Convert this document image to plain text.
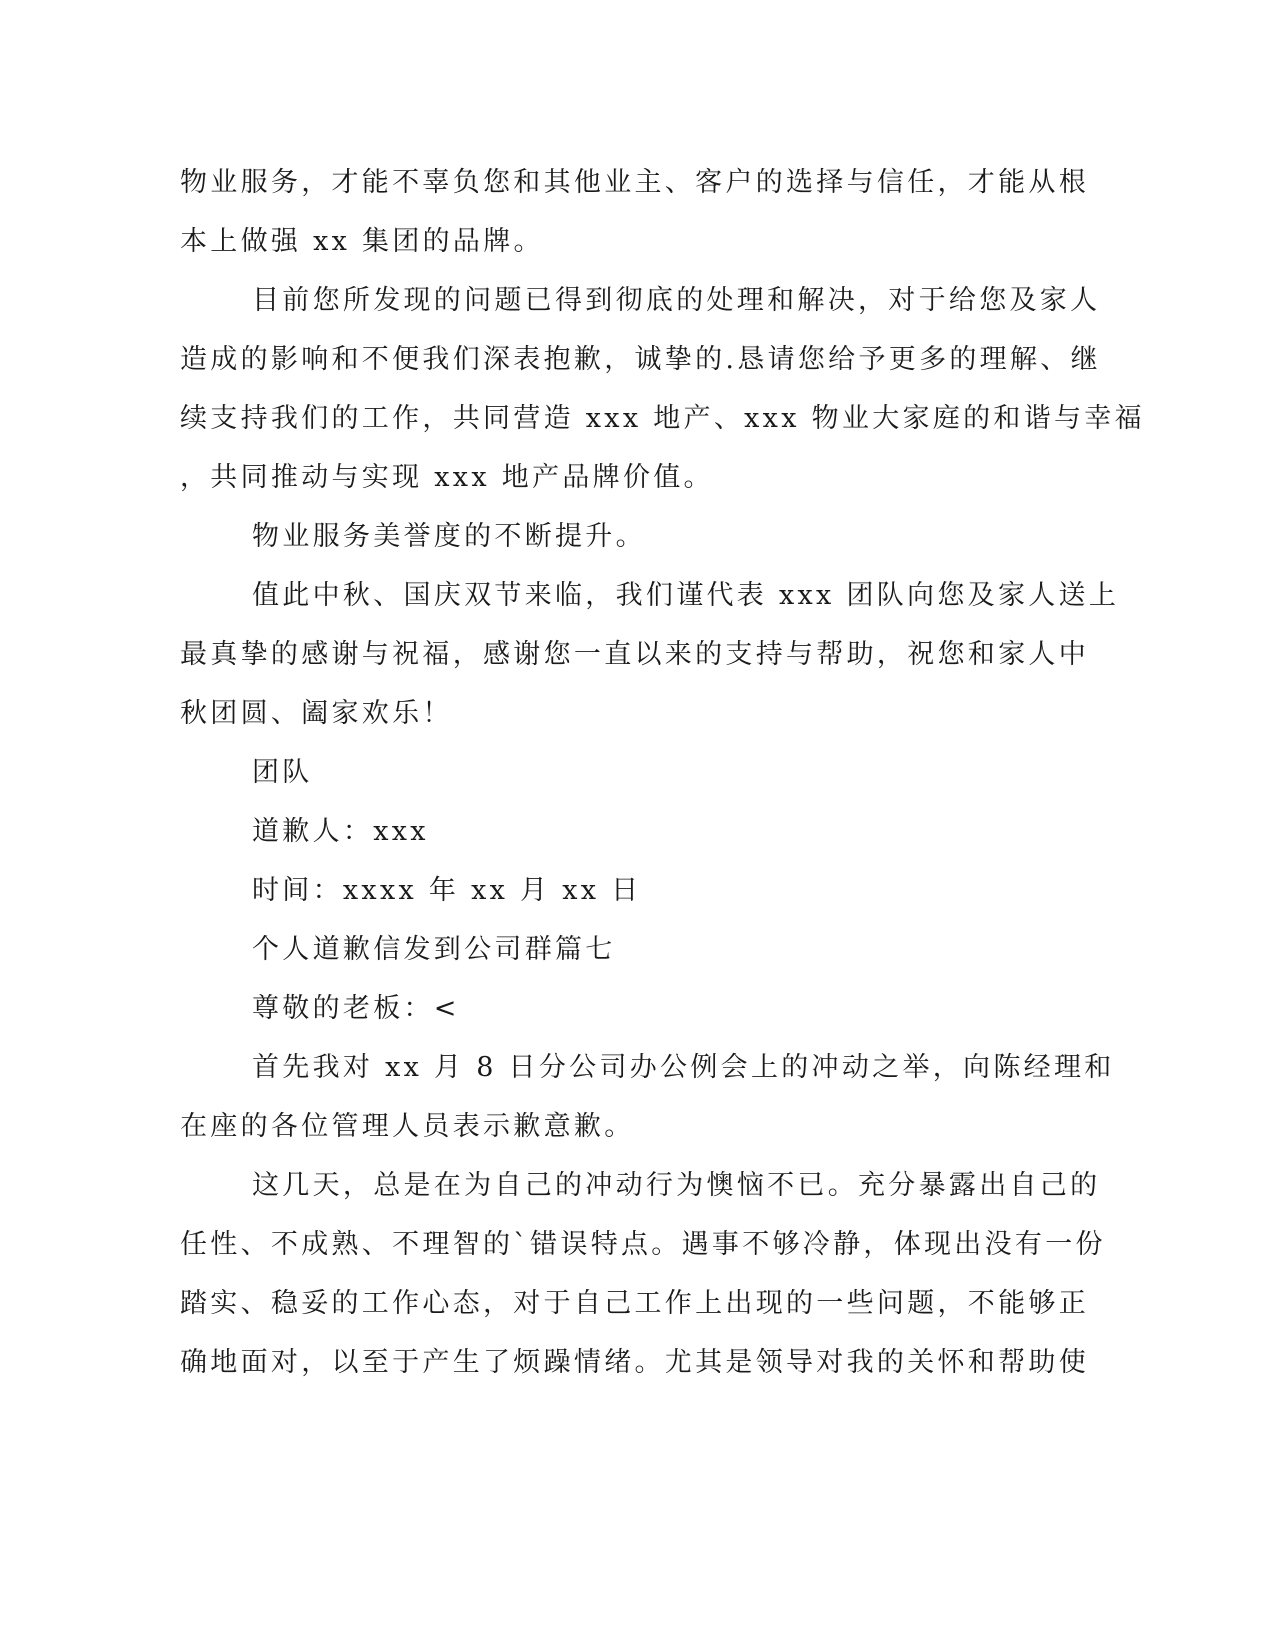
物业服务，才能不辜负您和其他业主、客户的选择与信任，才能从根
本上做强 xx 集团的品牌。

目前您所发现的问题已得到彻底的处理和解决，对于给您及家人
造成的影响和不便我们深表抱歉，诚挚的.恳请您给予更多的理解、继
续支持我们的工作，共同营造 xxx 地产、xxx 物业大家庭的和谐与幸福
，共同推动与实现 xxx 地产品牌价值。

物业服务美誉度的不断提升。

值此中秋、国庆双节来临，我们谨代表 xxx 团队向您及家人送上
最真挚的感谢与祝福，感谢您一直以来的支持与帮助，祝您和家人中
秋团圆、阖家欢乐！

团队

道歉人：xxx

时间：xxxx 年 xx 月 xx 日

个人道歉信发到公司群篇七

尊敬的老板：<

首先我对 xx 月 8 日分公司办公例会上的冲动之举，向陈经理和
在座的各位管理人员表示歉意歉。

这几天，总是在为自己的冲动行为懊恼不已。充分暴露出自己的
任性、不成熟、不理智的`错误特点。遇事不够冷静，体现出没有一份
踏实、稳妥的工作心态，对于自己工作上出现的一些问题，不能够正
确地面对，以至于产生了烦躁情绪。尤其是领导对我的关怀和帮助使
